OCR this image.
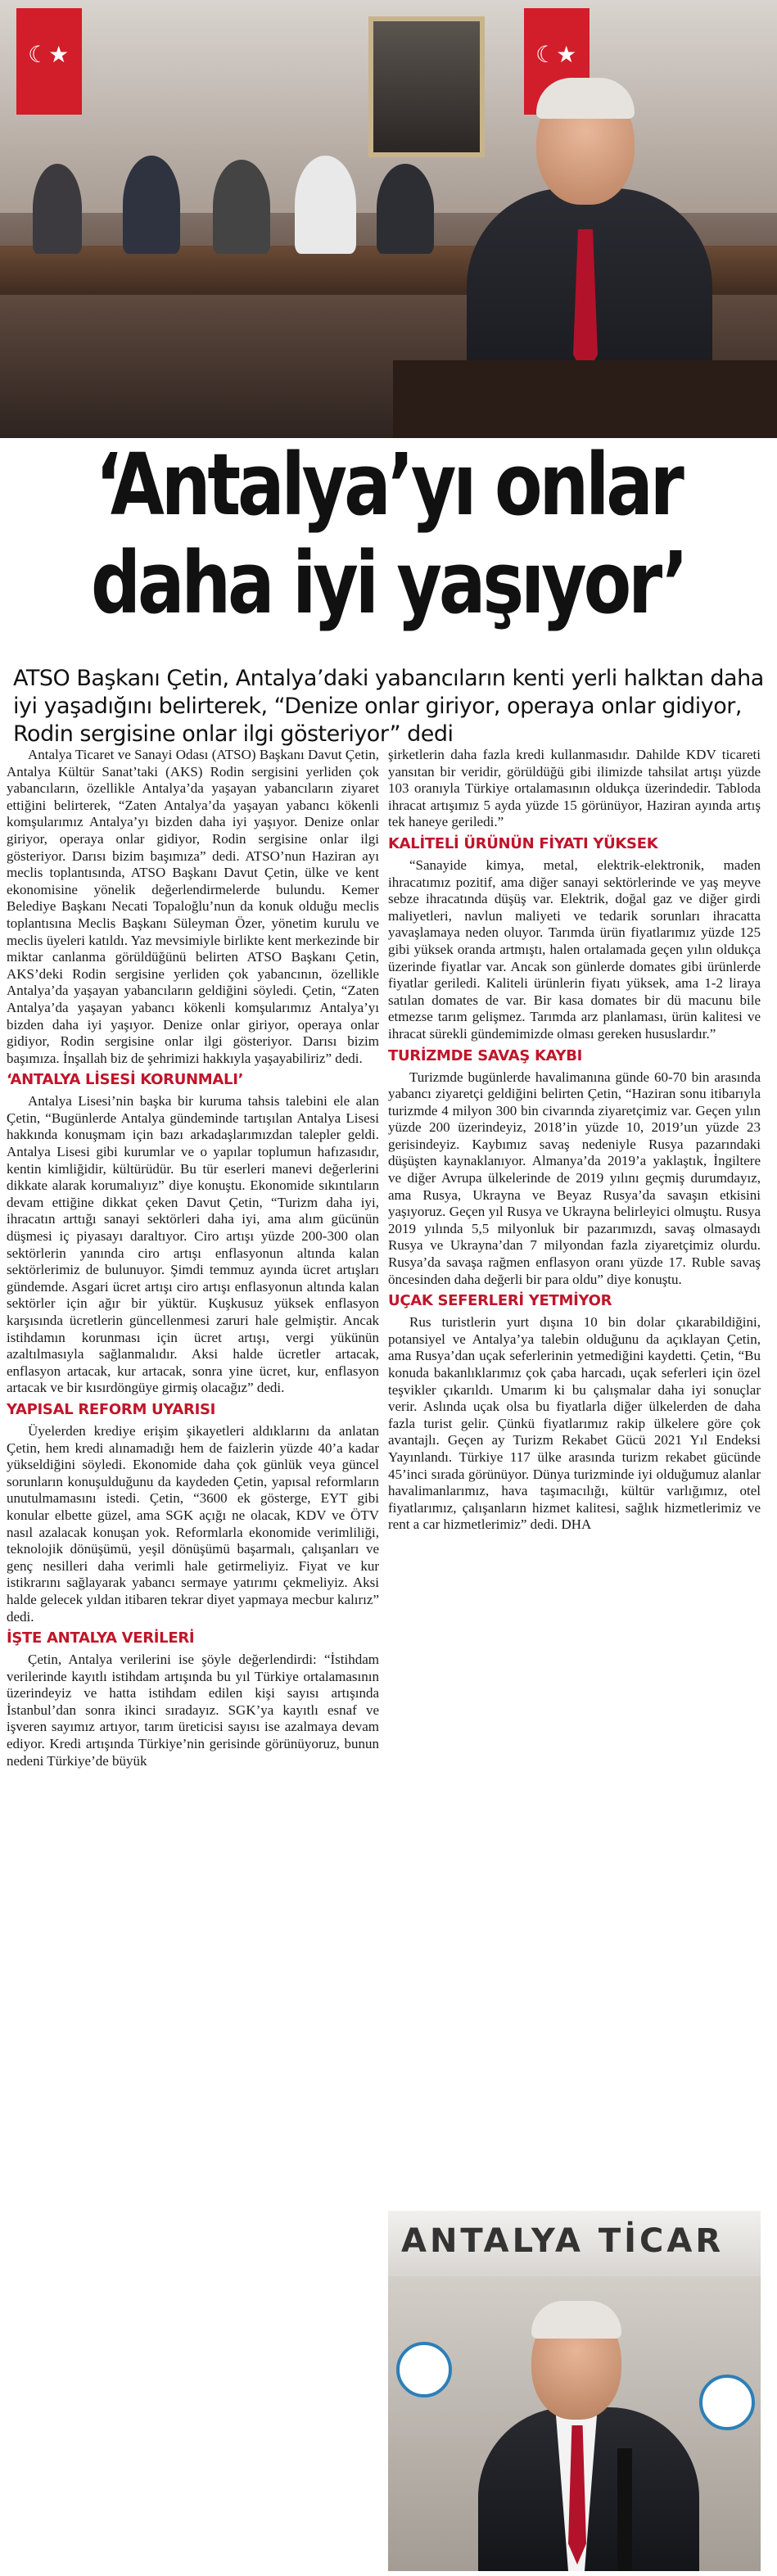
☾★
☾★
‘Antalya’yı onlar
daha iyi yaşıyor’
ATSO Başkanı Çetin, Antalya’daki yabancıların kenti yerli halktan daha iyi yaşadığını belirterek, “Denize onlar giriyor, operaya onlar gidiyor, Rodin sergisine onlar ilgi gösteriyor” dedi

Antalya Ticaret ve Sanayi Odası (ATSO) Başkanı Davut Çetin, Antalya Kültür Sanat’taki (AKS) Rodin sergisini yerliden çok yabancıların, özellikle Antalya’da yaşayan yabancıların ziyaret ettiğini belirterek, “Zaten Antalya’da yaşayan yabancı kökenli komşularımız Antalya’yı bizden daha iyi yaşıyor. Denize onlar giriyor, operaya onlar gidiyor, Rodin sergisine onlar ilgi gösteriyor. Darısı bizim başımıza” dedi. ATSO’nun Haziran ayı meclis toplantısında, ATSO Başkanı Davut Çetin, ülke ve kent ekonomisine yönelik değerlendirmelerde bulundu. Kemer Belediye Başkanı Necati Topaloğlu’nun da konuk olduğu meclis toplantısına Meclis Başkanı Süleyman Özer, yönetim kurulu ve meclis üyeleri katıldı. Yaz mevsimiyle birlikte kent merkezinde bir miktar canlanma görüldüğünü belirten ATSO Başkanı Çetin, AKS’deki Rodin sergisine yerliden çok yabancının, özellikle Antalya’da yaşayan yabancıların geldiğini söyledi. Çetin, “Zaten Antalya’da yaşayan yabancı kökenli komşularımız Antalya’yı bizden daha iyi yaşıyor. Denize onlar giriyor, operaya onlar gidiyor, Rodin sergisine onlar ilgi gösteriyor. Darısı bizim başımıza. İnşallah biz de şehrimizi hakkıyla yaşayabiliriz” dedi.

‘ANTALYA LİSESİ KORUNMALI’

Antalya Lisesi’nin başka bir kuruma tahsis talebini ele alan Çetin, “Bugünlerde Antalya gündeminde tartışılan Antalya Lisesi hakkında konuşmam için bazı arkadaşlarımızdan talepler geldi. Antalya Lisesi gibi kurumlar ve o yapılar toplumun hafızasıdır, kentin kimliğidir, kültürüdür. Bu tür eserleri manevi değerlerini dikkate alarak korumalıyız” diye konuştu. Ekonomide sıkıntıların devam ettiğine dikkat çeken Davut Çetin, “Turizm daha iyi, ihracatın arttığı sanayi sektörleri daha iyi, ama alım gücünün düşmesi iç piyasayı daraltıyor. Ciro artışı yüzde 200-300 olan sektörlerin yanında ciro artışı enflasyonun altında kalan sektörlerimiz de bulunuyor. Şimdi temmuz ayında ücret artışları gündemde. Asgari ücret artışı ciro artışı enflasyonun altında kalan sektörler için ağır bir yüktür. Kuşkusuz yüksek enflasyon karşısında ücretlerin güncellenmesi zaruri hale gelmiştir. Ancak istihdamın korunması için ücret artışı, vergi yükünün azaltılmasıyla sağlanmalıdır. Aksi halde ücretler artacak, enflasyon artacak, kur artacak, sonra yine ücret, kur, enflasyon artacak ve bir kısırdöngüye girmiş olacağız” dedi.

YAPISAL REFORM UYARISI

Üyelerden krediye erişim şikayetleri aldıklarını da anlatan Çetin, hem kredi alınamadığı hem de faizlerin yüzde 40’a kadar yükseldiğini söyledi. Ekonomide daha çok günlük veya güncel sorunların konuşulduğunu da kaydeden Çetin, yapısal reformların unutulmamasını istedi. Çetin, “3600 ek gösterge, EYT gibi konular elbette güzel, ama SGK açığı ne olacak, KDV ve ÖTV nasıl azalacak konuşan yok. Reformlarla ekonomide verimliliği, teknolojik dönüşümü, yeşil dönüşümü başarmalı, çalışanları ve genç nesilleri daha verimli hale getirmeliyiz. Fiyat ve kur istikrarını sağlayarak yabancı sermaye yatırımı çekmeliyiz. Aksi halde gelecek yıldan itibaren tekrar diyet yapmaya mecbur kalırız” dedi.

İŞTE ANTALYA VERİLERİ

Çetin, Antalya verilerini ise şöyle değerlendirdi: “İstihdam verilerinde kayıtlı istihdam artışında bu yıl Türkiye ortalamasının üzerindeyiz ve hatta istihdam edilen kişi sayısı artışında İstanbul’dan sonra ikinci sıradayız. SGK’ya kayıtlı esnaf ve işveren sayımız artıyor, tarım üreticisi sayısı ise azalmaya devam ediyor. Kredi artışında Türkiye’nin gerisinde görünüyoruz, bunun nedeni Türkiye’de büyük

şirketlerin daha fazla kredi kullanmasıdır. Dahilde KDV ticareti yansıtan bir veridir, görüldüğü gibi ilimizde tahsilat artışı yüzde 103 oranıyla Türkiye ortalamasının oldukça üzerindedir. Tabloda ihracat artışımız 5 ayda yüzde 15 görünüyor, Haziran ayında artış tek haneye geriledi.”

KALİTELİ ÜRÜNÜN FİYATI YÜKSEK

“Sanayide kimya, metal, elektrik-elektronik, maden ihracatımız pozitif, ama diğer sanayi sektörlerinde ve yaş meyve sebze ihracatında düşüş var. Elektrik, doğal gaz ve diğer girdi maliyetleri, navlun maliyeti ve tedarik sorunları ihracatta yavaşlamaya neden oluyor. Tarımda ürün fiyatlarımız yüzde 125 gibi yüksek oranda artmıştı, halen ortalamada geçen yılın oldukça üzerinde fiyatlar var. Ancak son günlerde domates gibi ürünlerde fiyatlar geriledi. Kaliteli ürünlerin fiyatı yüksek, ama 1-2 liraya satılan domates de var. Bir kasa domates bir dü macunu bile etmezse tarım gelişmez. Tarımda arz planlaması, ürün kalitesi ve ihracat sürekli gündemimizde olması gereken hususlardır.”

TURİZMDE SAVAŞ KAYBI

Turizmde bugünlerde havalimanına günde 60-70 bin arasında yabancı ziyaretçi geldiğini belirten Çetin, “Haziran sonu itibarıyla turizmde 4 milyon 300 bin civarında ziyaretçimiz var. Geçen yılın yüzde 200 üzerindeyiz, 2018’in yüzde 10, 2019’un yüzde 23 gerisindeyiz. Kaybımız savaş nedeniyle Rusya pazarındaki düşüşten kaynaklanıyor. Almanya’da 2019’a yaklaştık, İngiltere ve diğer Avrupa ülkelerinde de 2019 yılını geçmiş durumdayız, ama Rusya, Ukrayna ve Beyaz Rusya’da savaşın etkisini yaşıyoruz. Geçen yıl Rusya ve Ukrayna belirleyici olmuştu. Rusya 2019 yılında 5,5 milyonluk bir pazarımızdı, savaş olmasaydı Rusya ve Ukrayna’dan 7 milyondan fazla ziyaretçimiz olurdu. Rusya’da savaşa rağmen enflasyon oranı yüzde 17. Ruble savaş öncesinden daha değerli bir para oldu” diye konuştu.

UÇAK SEFERLERİ YETMİYOR

Rus turistlerin yurt dışına 10 bin dolar çıkarabildiğini, potansiyel ve Antalya’ya talebin olduğunu da açıklayan Çetin, ama Rusya’dan uçak seferlerinin yetmediğini kaydetti. Çetin, “Bu konuda bakanlıklarımız çok çaba harcadı, uçak seferleri için özel teşvikler çıkarıldı. Umarım ki bu çalışmalar daha iyi sonuçlar verir. Aslında uçak olsa bu fiyatlarla diğer ülkelerden de daha fazla turist gelir. Çünkü fiyatlarımız rakip ülkelere göre çok avantajlı. Geçen ay Turizm Rekabet Gücü 2021 Yıl Endeksi Yayınlandı. Türkiye 117 ülke arasında turizm rekabet gücünde 45’inci sırada görünüyor. Dünya turizminde iyi olduğumuz alanlar havalimanlarımız, hava taşımacılığı, kültür varlığımız, otel fiyatlarımız, çalışanların hizmet kalitesi, sağlık hizmetlerimiz ve rent a car hizmetlerimiz” dedi. DHA

ANTALYA TİCAR
